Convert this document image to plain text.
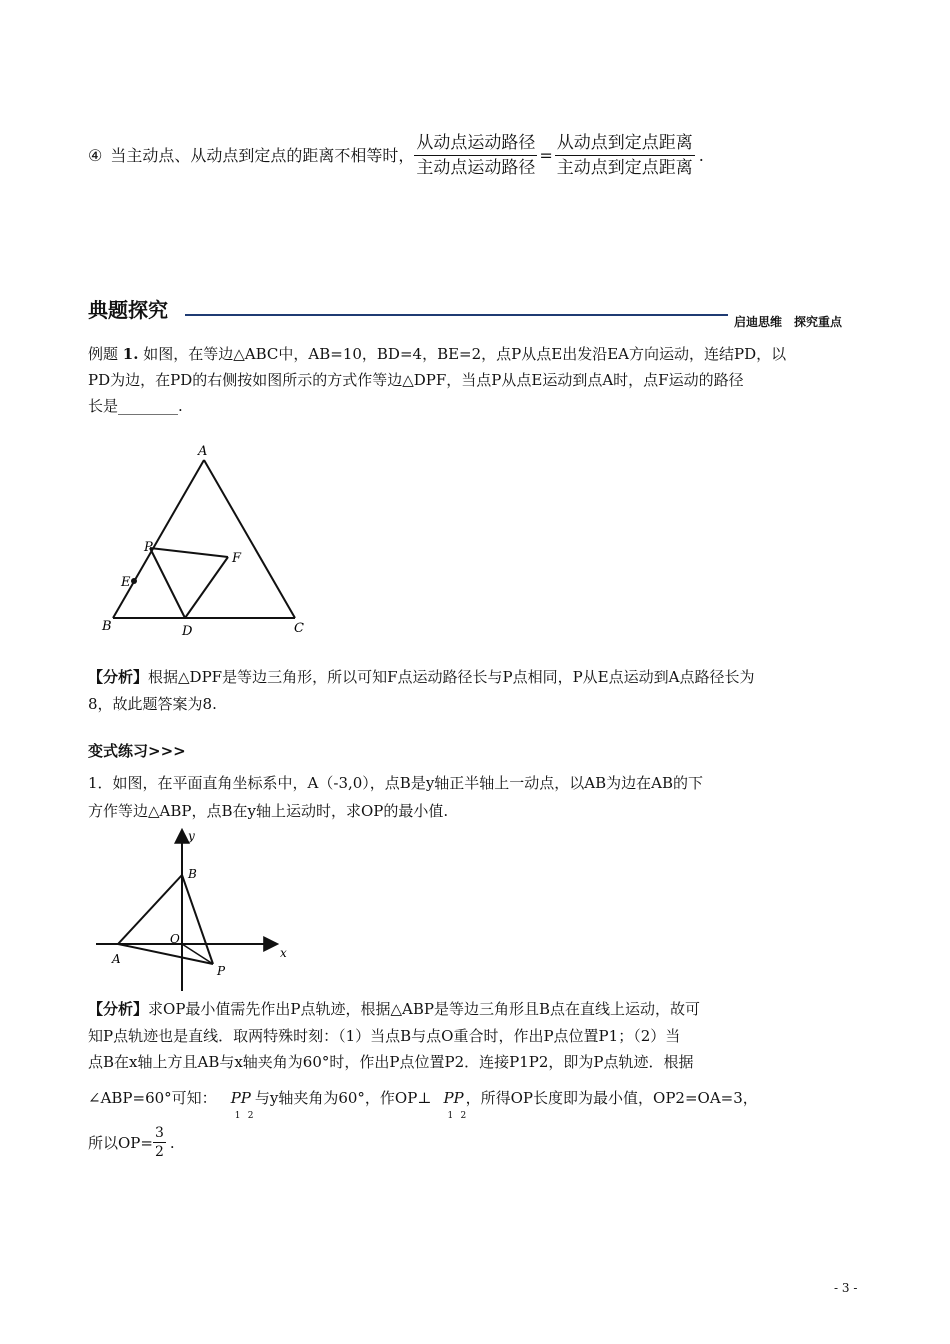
④ 当主动点、从动点到定点的距离不相等时， $\frac{\text{从动点运动路径}}{\text{主动点运动路径}} = \frac{\text{从动点到定点距离}}{\text{主动点到定点距离}}$ .
典题探究	启迪思维　探究重点
例题 1. 如图，在等边△ABC中，AB=10，BD=4，BE=2，点P从点E出发沿EA方向运动，连结PD，以
PD为边，在PD的右侧按如图所示的方式作等边△DPF，当点P从点E运动到点A时，点F运动的路径
长是________.
A
B	C
D
E
F
P
【分析】根据△DPF是等边三角形，所以可知F点运动路径长与P点相同，P从E点运动到A点路径长为
8，故此题答案为8.
变式练习>>>
1．如图，在平面直角坐标系中，A（-3,0），点B是y轴正半轴上一动点，以AB为边在AB的下
方作等边△ABP，点B在y轴上运动时，求OP的最小值.
y
x
B
O
A
P
【分析】求OP最小值需先作出P点轨迹，根据△ABP是等边三角形且B点在直线上运动，故可
知P点轨迹也是直线．取两特殊时刻：（1）当点B与点O重合时，作出P点位置P1；（2）当
点B在x轴上方且AB与x轴夹角为60°时，作出P点位置P2．连接P1P2，即为P点轨迹．根据
∠ABP=60°可知： PP
1 2
与y轴夹角为60°，作OP⊥ PP
1 2
，所得OP长度即为最小值，OP2=OA=3，
所以$OP= \frac{3}{2}$ .
- 3 -
